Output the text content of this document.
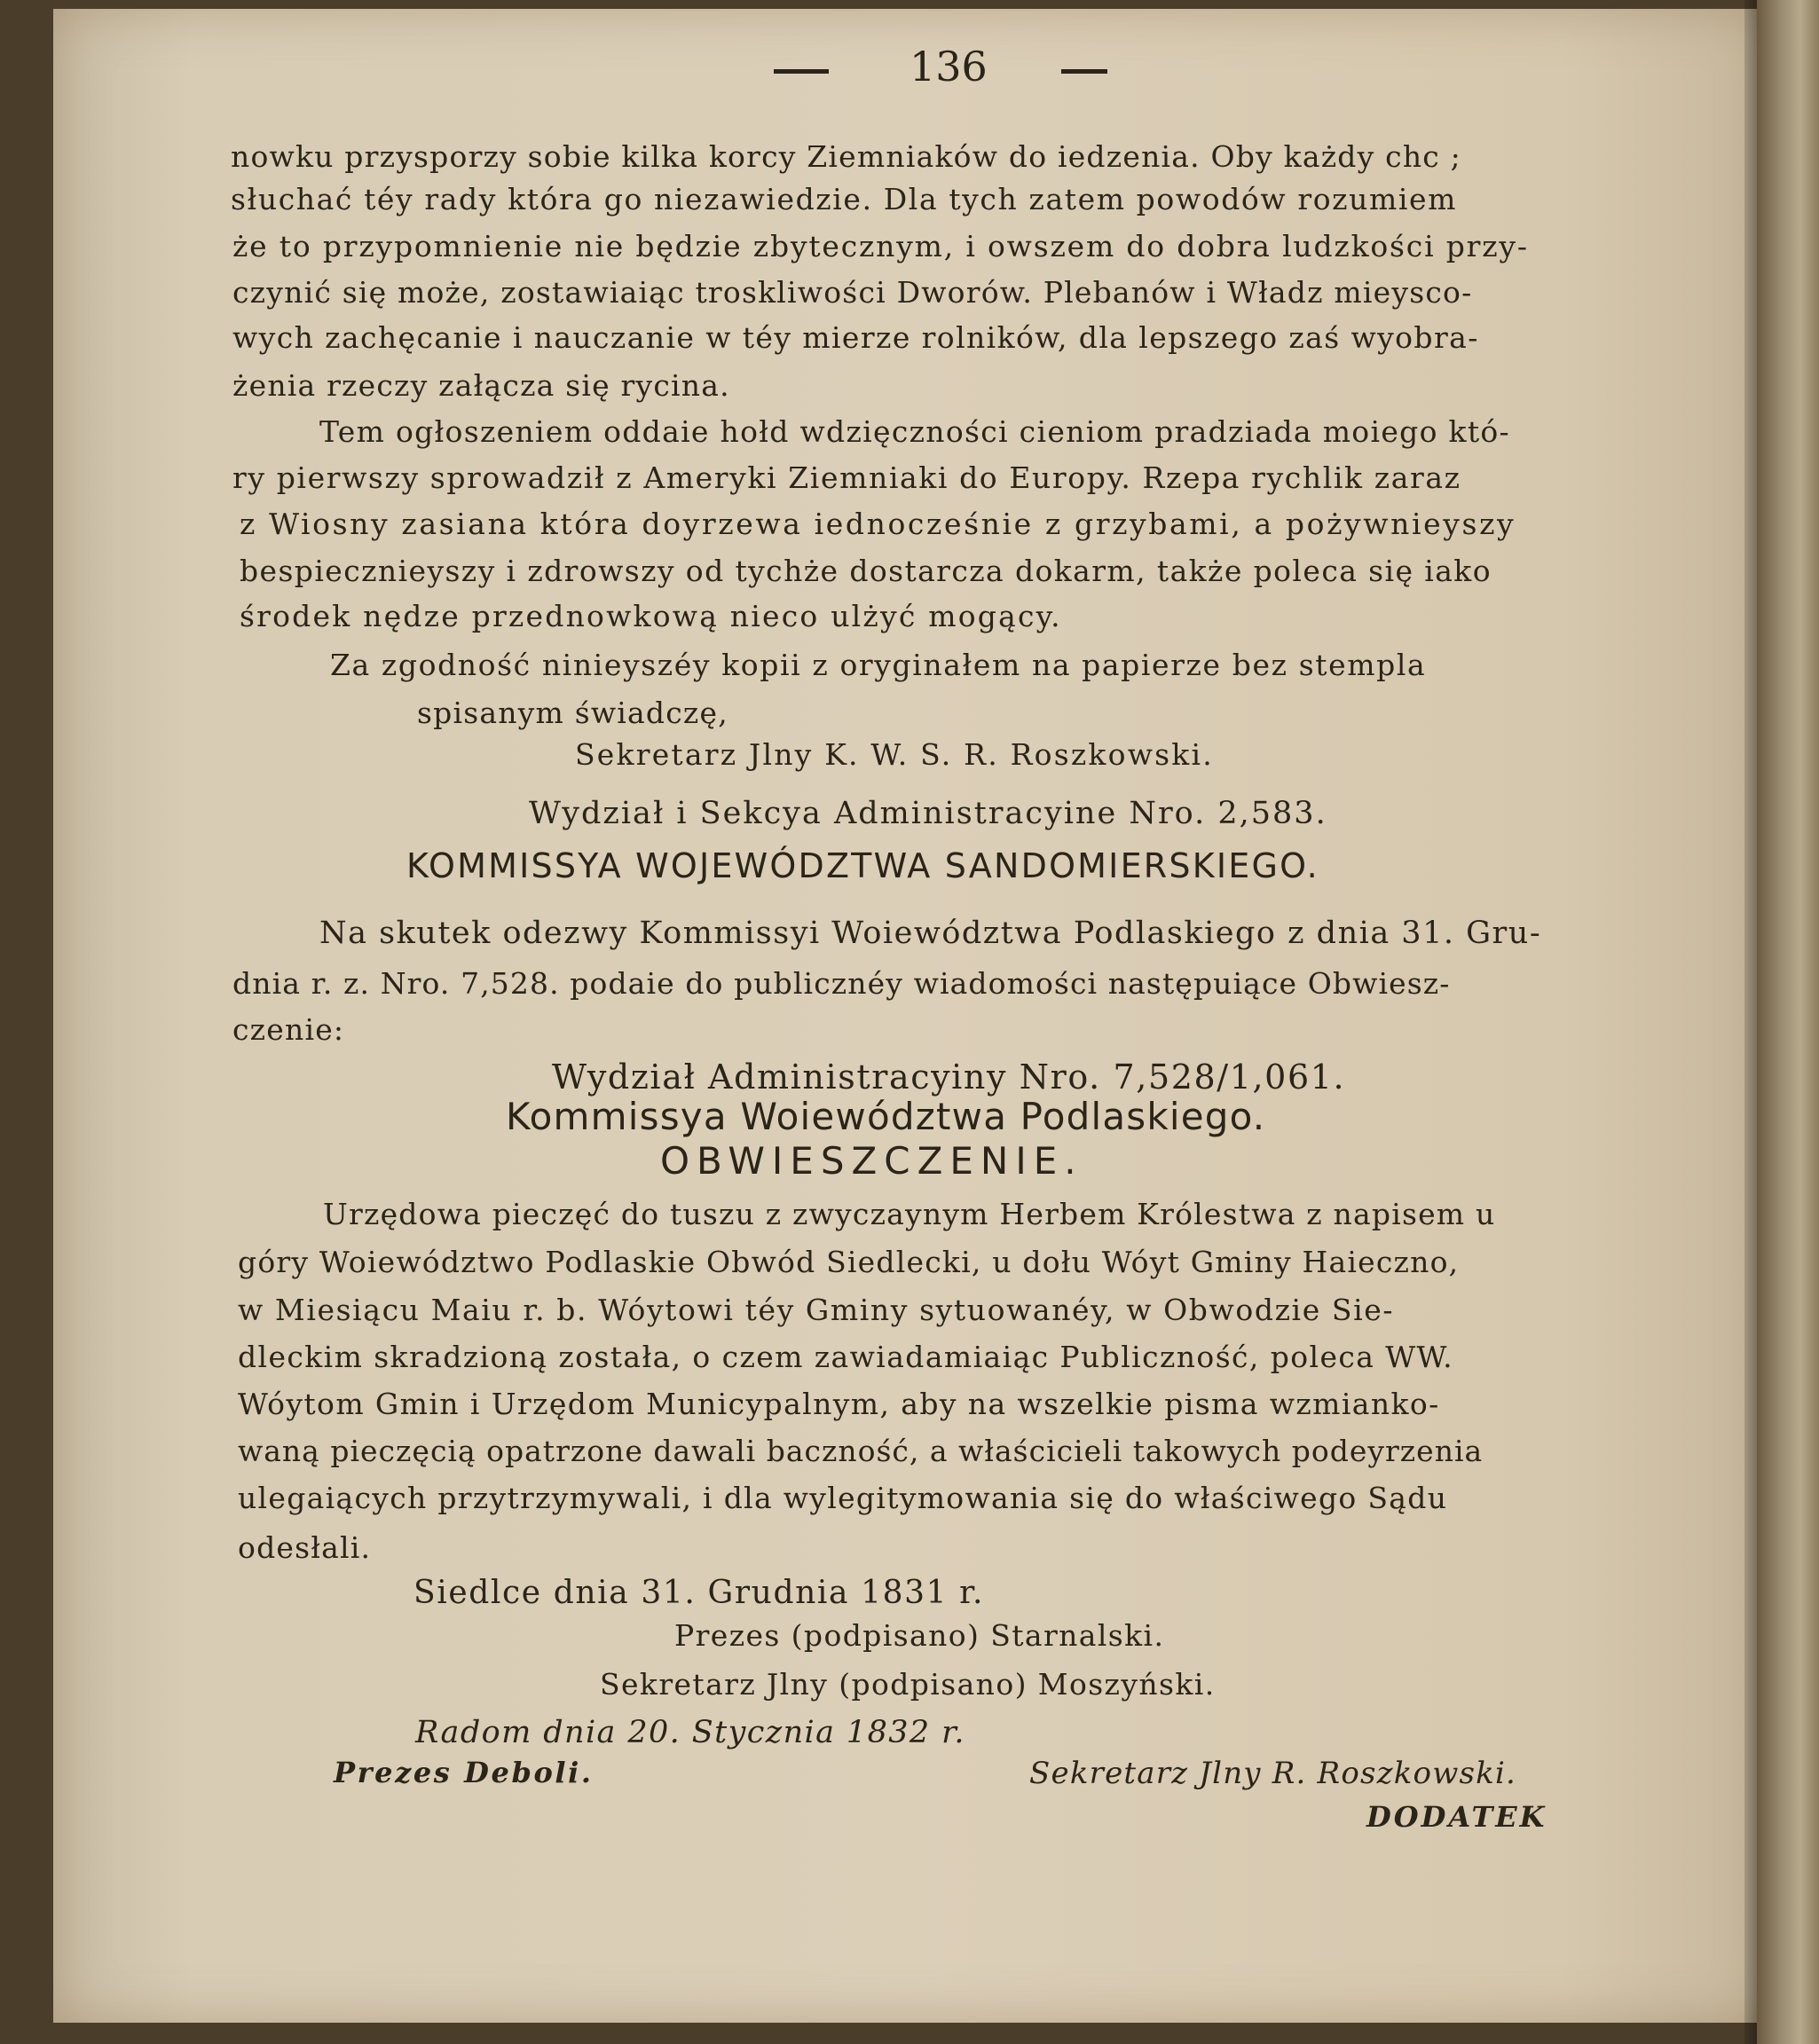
136
nowku przysporzy sobie kilka korcy Ziemniaków do iedzenia. Oby każdy chc ;
słuchać téy rady która go niezawiedzie. Dla tych zatem powodów rozumiem
że to przypomnienie nie będzie zbytecznym, i owszem do dobra ludzkości przy-
czynić się może, zostawiaiąc troskliwości Dworów. Plebanów i Władz mieysco-
wych zachęcanie i nauczanie w téy mierze rolników, dla lepszego zaś wyobra-
żenia rzeczy załącza się rycina.
Tem ogłoszeniem oddaie hołd wdzięczności cieniom pradziada moiego któ-
ry pierwszy sprowadził z Ameryki Ziemniaki do Europy. Rzepa rychlik zaraz
z Wiosny zasiana która doyrzewa iednocześnie z grzybami, a pożywnieyszy
bespiecznieyszy i zdrowszy od tychże dostarcza dokarm, także poleca się iako
środek nędze przednowkową nieco ulżyć mogący.
Za zgodność ninieyszéy kopii z oryginałem na papierze bez stempla
spisanym świadczę,
Sekretarz Jlny K. W. S. R. Roszkowski.
Wydział i Sekcya Administracyine Nro. 2,583.
KOMMISSYA WOJEWÓDZTWA SANDOMIERSKIEGO.
Na skutek odezwy Kommissyi Woiewództwa Podlaskiego z dnia 31. Gru-
dnia r. z. Nro. 7,528. podaie do publicznéy wiadomości następuiące Obwiesz-
czenie:
Wydział Administracyiny Nro. 7,528/1,061.
Kommissya Woiewództwa Podlaskiego.
OBWIESZCZENIE.
Urzędowa pieczęć do tuszu z zwyczaynym Herbem Królestwa z napisem u
góry Woiewództwo Podlaskie Obwód Siedlecki, u dołu Wóyt Gminy Haieczno,
w Miesiącu Maiu r. b. Wóytowi téy Gminy sytuowanéy, w Obwodzie Sie-
dleckim skradzioną została, o czem zawiadamiaiąc Publiczność, poleca WW.
Wóytom Gmin i Urzędom Municypalnym, aby na wszelkie pisma wzmianko-
waną pieczęcią opatrzone dawali baczność, a właścicieli takowych podeyrzenia
ulegaiących przytrzymywali, i dla wylegitymowania się do właściwego Sądu
odesłali.
Siedlce dnia 31. Grudnia 1831 r.
Prezes (podpisano) Starnalski.
Sekretarz Jlny (podpisano) Moszyński.
Radom dnia 20. Stycznia 1832 r.
Prezes Deboli.	Sekretarz Jlny R. Roszkowski.
DODATEK
